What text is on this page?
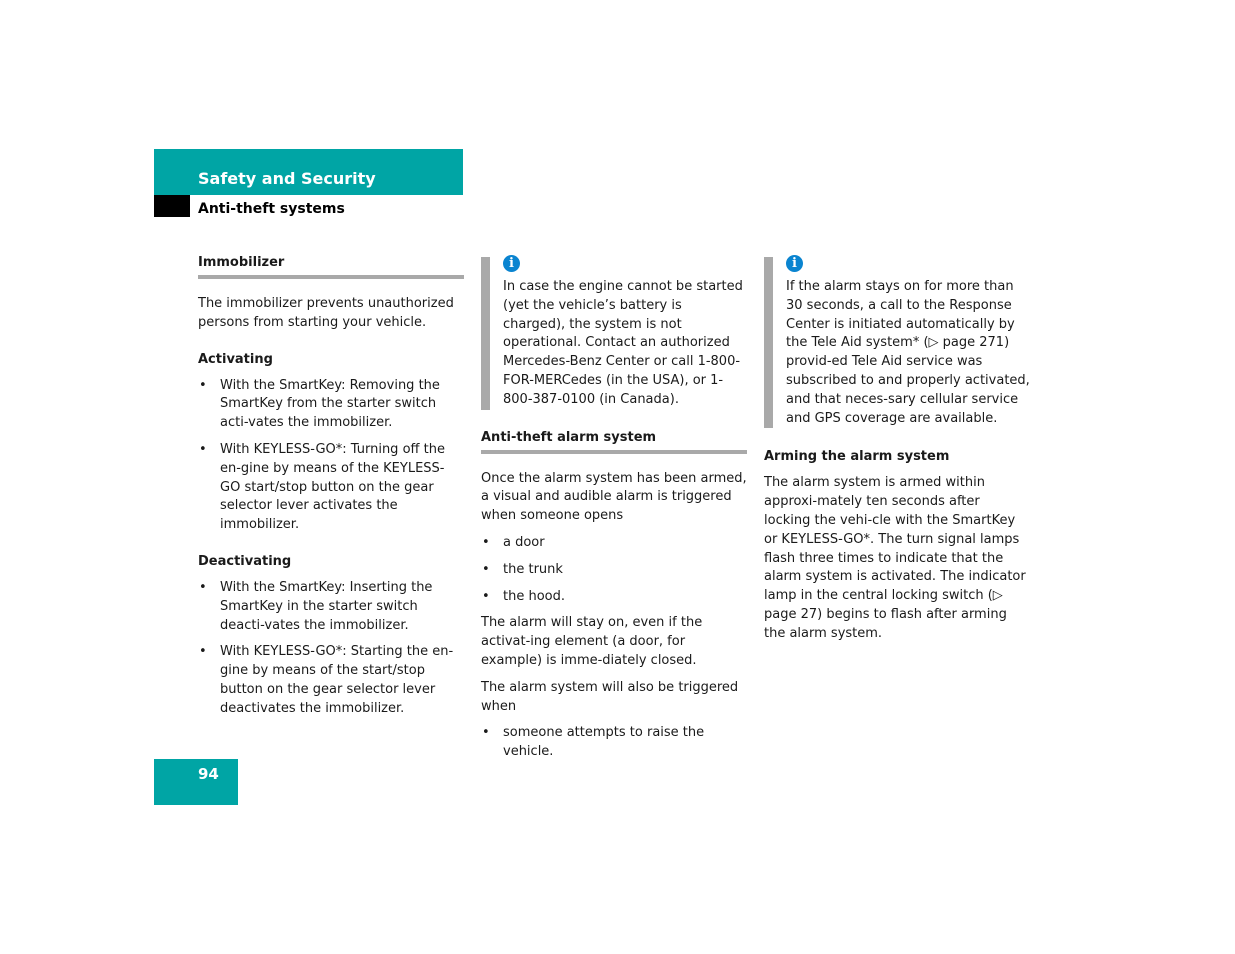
Safety and Security
Anti-theft systems
Immobilizer

The immobilizer prevents unauthorized persons from starting your vehicle.

Activating
• With the SmartKey: Removing the SmartKey from the starter switch acti-vates the immobilizer.
• With KEYLESS-GO*: Turning off the en-gine by means of the KEYLESS-GO start/stop button on the gear selector lever activates the immobilizer.
Deactivating
• With the SmartKey: Inserting the SmartKey in the starter switch deacti-vates the immobilizer.
• With KEYLESS-GO*: Starting the en-gine by means of the start/stop button on the gear selector lever deactivates the immobilizer.
i

In case the engine cannot be started (yet the vehicle’s battery is charged), the system is not operational. Contact an authorized Mercedes-Benz Center or call 1-800-FOR-MERCedes (in the USA), or 1-800-387-0100 (in Canada).

Anti-theft alarm system

Once the alarm system has been armed, a visual and audible alarm is triggered when someone opens

• a door
• the trunk
• the hood.

The alarm will stay on, even if the activat-ing element (a door, for example) is imme-diately closed.

The alarm system will also be triggered when

• someone attempts to raise the vehicle.
i

If the alarm stays on for more than 30 seconds, a call to the Response Center is initiated automatically by the Tele Aid system* (▷ page 271) provid-ed Tele Aid service was subscribed to and properly activated, and that neces-sary cellular service and GPS coverage are available.

Arming the alarm system

The alarm system is armed within approxi-mately ten seconds after locking the vehi-cle with the SmartKey or KEYLESS-GO*. The turn signal lamps flash three times to indicate that the alarm system is activated. The indicator lamp in the central locking switch (▷ page 27) begins to flash after arming the alarm system.

94
